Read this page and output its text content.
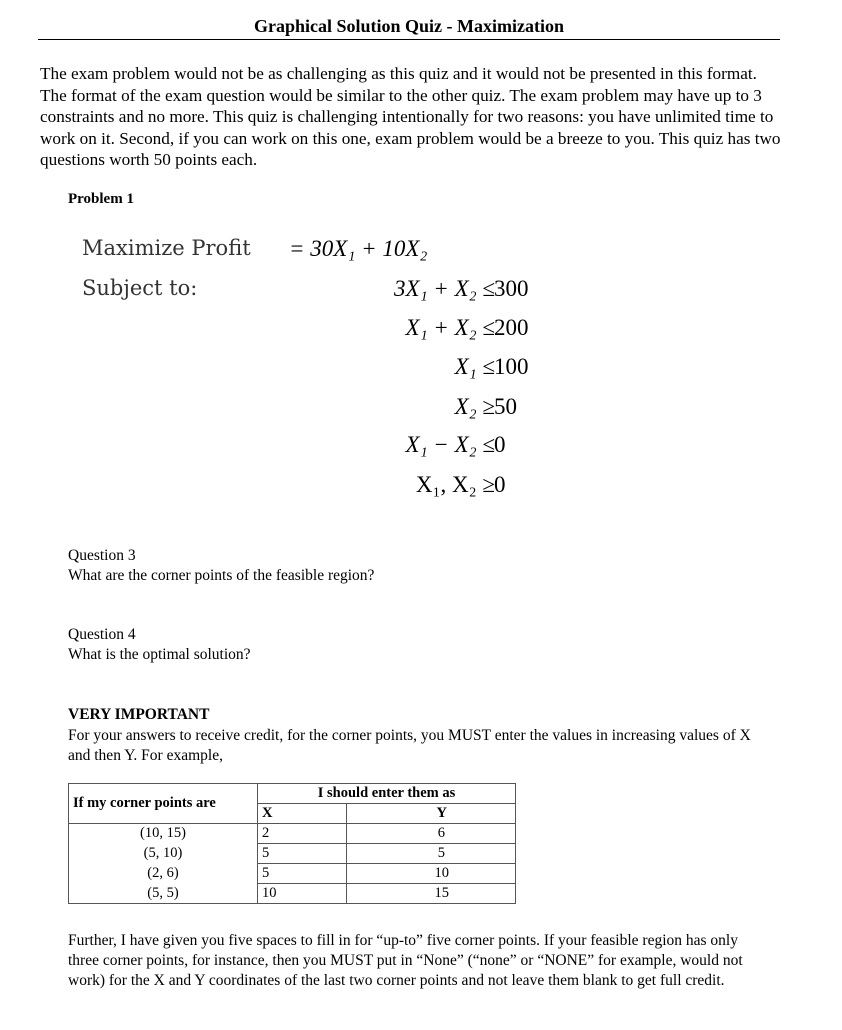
Graphical Solution Quiz - Maximization
The exam problem would not be as challenging as this quiz and it would not be presented in this format. The format of the exam question would be similar to the other quiz. The exam problem may have up to 3 constraints and no more. This quiz is challenging intentionally for two reasons: you have unlimited time to work on it. Second, if you can work on this one, exam problem would be a breeze to you. This quiz has two questions worth 50 points each.
Problem 1
Maximize Profit = 30X₁ + 10X₂
Subject to:	3X₁ + X₂ ≤ 300
X₁ + X₂ ≤ 200
X₁ ≤ 100
X₂ ≥ 50
X₁ − X₂ ≤ 0
X₁, X₂ ≥ 0
Question 3
What are the corner points of the feasible region?
Question 4
What is the optimal solution?
VERY IMPORTANT
For your answers to receive credit, for the corner points, you MUST enter the values in increasing values of X and then Y. For example,
If my corner points are	I should enter them as	
	X	Y
(10, 15)	2	6
(5, 10)	5	5
(2, 6)	5	10
(5, 5)	10	15
Further, I have given you five spaces to fill in for “up-to” five corner points. If your feasible region has only three corner points, for instance, then you MUST put in “None” (“none” or “NONE” for example, would not work) for the X and Y coordinates of the last two corner points and not leave them blank to get full credit.
